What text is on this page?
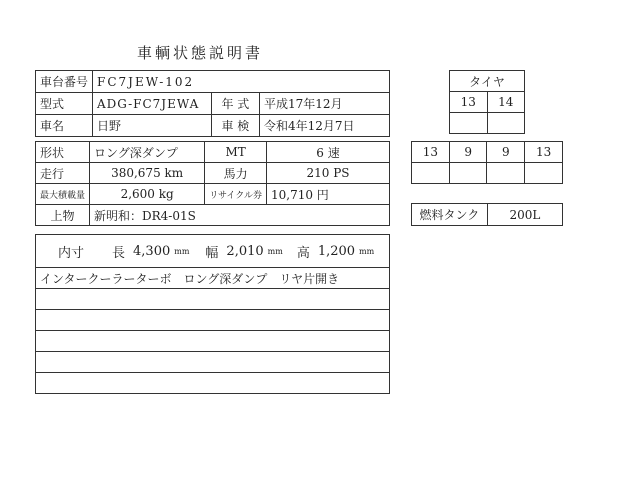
車輌状態説明書
車台番号	FC7JEW-102		
型式	ADG-FC7JEWA	年 式	平成17年12月
車名	日野	車 検	令和4年12月7日
形状	ロング深ダンプ	MT	6 速
走行	380,675 km	馬力	210 PS
最大積載量	2,600 kg	リサイクル券	10,710 円
上物	新明和：DR4-01S		
内寸	長 4,300 mm 幅 2,010 mm 高 1,200 mm

インタークーラーターボ　ロング深ダンプ　リヤ片開き

タイヤ	
13	14

13	9	9	13

燃料タンク	200L
